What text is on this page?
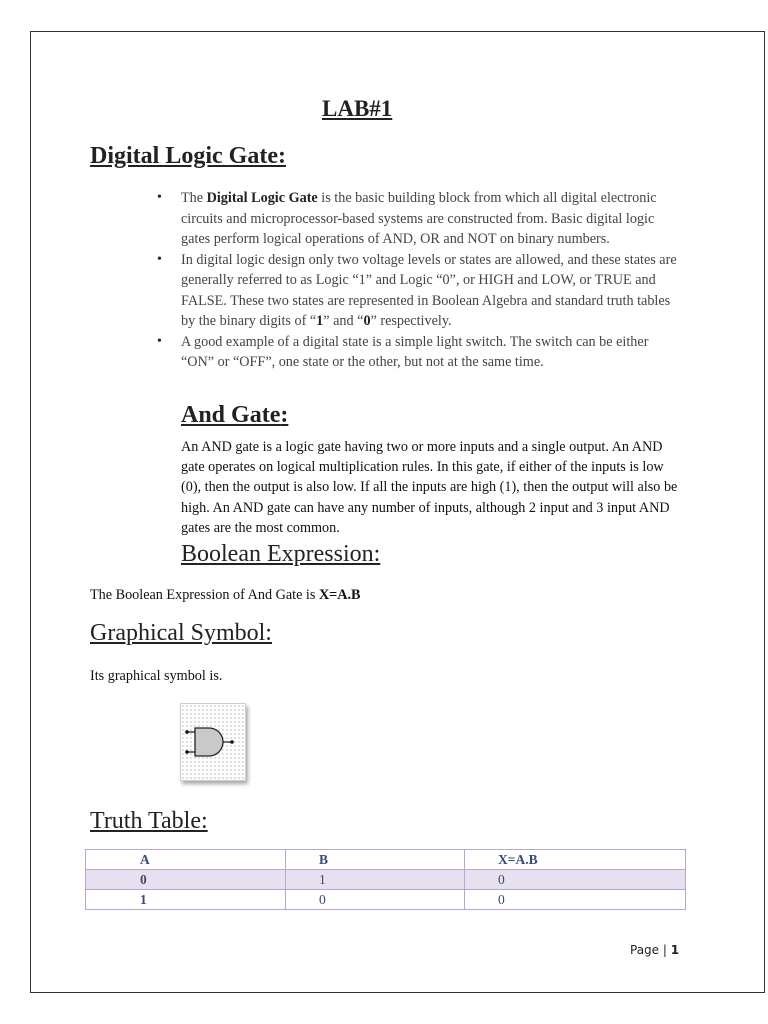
LAB#1
Digital Logic Gate:
• The Digital Logic Gate is the basic building block from which all digital electronic circuits and microprocessor-based systems are constructed from. Basic digital logic gates perform logical operations of AND, OR and NOT on binary numbers.
• In digital logic design only two voltage levels or states are allowed, and these states are generally referred to as Logic “1” and Logic “0”, or HIGH and LOW, or TRUE and FALSE. These two states are represented in Boolean Algebra and standard truth tables by the binary digits of “1” and “0” respectively.
• A good example of a digital state is a simple light switch. The switch can be either “ON” or “OFF”, one state or the other, but not at the same time.
And Gate:
An AND gate is a logic gate having two or more inputs and a single output. An AND gate operates on logical multiplication rules. In this gate, if either of the inputs is low (0), then the output is also low. If all the inputs are high (1), then the output will also be high. An AND gate can have any number of inputs, although 2 input and 3 input AND gates are the most common.
Boolean Expression:
The Boolean Expression of And Gate is X=A.B
Graphical Symbol:
Its graphical symbol is.
Truth Table:
A	B	X=A.B
0	1	0
1	0	0
Page | 1
